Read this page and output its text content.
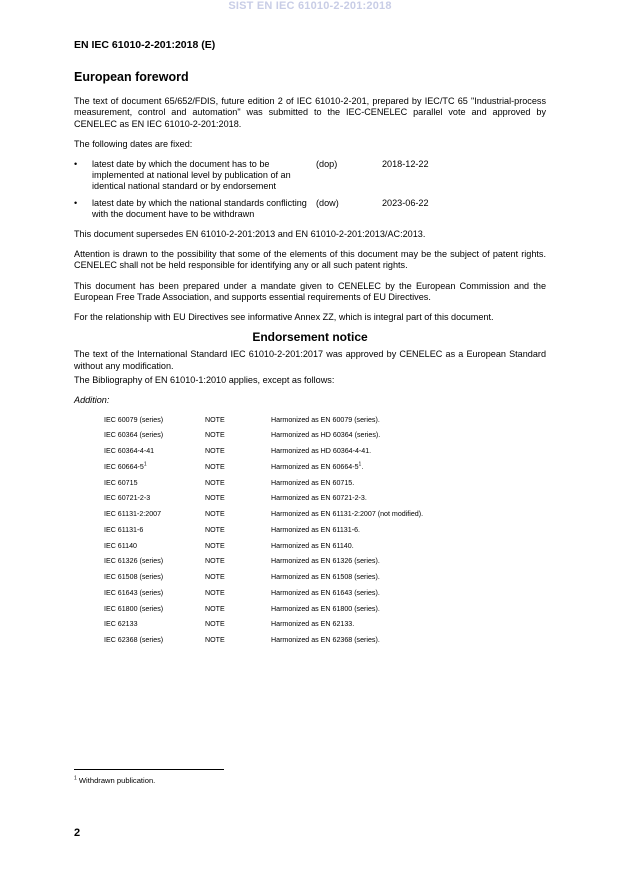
SIST EN IEC 61010-2-201:2018
EN IEC 61010-2-201:2018 (E)
European foreword

The text of document 65/652/FDIS, future edition 2 of IEC 61010-2-201, prepared by IEC/TC 65 "Industrial-process measurement, control and automation" was submitted to the IEC-CENELEC parallel vote and approved by CENELEC as EN IEC 61010-2-201:2018.

The following dates are fixed:

•	latest date by which the document has to be implemented at national level by publication of an identical national standard or by endorsement
(dop)	2018-12-22
•	latest date by which the national standards conflicting with the document have to be withdrawn
(dow)	2023-06-22

This document supersedes EN 61010-2-201:2013 and EN 61010-2-201:2013/AC:2013.

Attention is drawn to the possibility that some of the elements of this document may be the subject of patent rights. CENELEC shall not be held responsible for identifying any or all such patent rights.

This document has been prepared under a mandate given to CENELEC by the European Commission and the European Free Trade Association, and supports essential requirements of EU Directives.

For the relationship with EU Directives see informative Annex ZZ, which is integral part of this document.

Endorsement notice

The text of the International Standard IEC 61010-2-201:2017 was approved by CENELEC as a European Standard without any modification.

The Bibliography of EN 61010-1:2010 applies, except as follows:

Addition:

IEC 60079 (series)	NOTE	Harmonized as EN 60079 (series).
IEC 60364 (series)	NOTE	Harmonized as HD 60364 (series).
IEC 60364-4-41	NOTE	Harmonized as HD 60364-4-41.
IEC $60664-5^1$	NOTE	Harmonized as EN $60664-5^1$.
IEC 60715	NOTE	Harmonized as EN 60715.
IEC 60721-2-3	NOTE	Harmonized as EN 60721-2-3.
IEC 61131-2:2007	NOTE	Harmonized as EN 61131-2:2007 (not modified).
IEC 61131-6	NOTE	Harmonized as EN 61131-6.
IEC 61140	NOTE	Harmonized as EN 61140.
IEC 61326 (series)	NOTE	Harmonized as EN 61326 (series).
IEC 61508 (series)	NOTE	Harmonized as EN 61508 (series).
IEC 61643 (series)	NOTE	Harmonized as EN 61643 (series).
IEC 61800 (series)	NOTE	Harmonized as EN 61800 (series).
IEC 62133	NOTE	Harmonized as EN 62133.
IEC 62368 (series)	NOTE	Harmonized as EN 62368 (series).
$^1$ Withdrawn publication.
2
